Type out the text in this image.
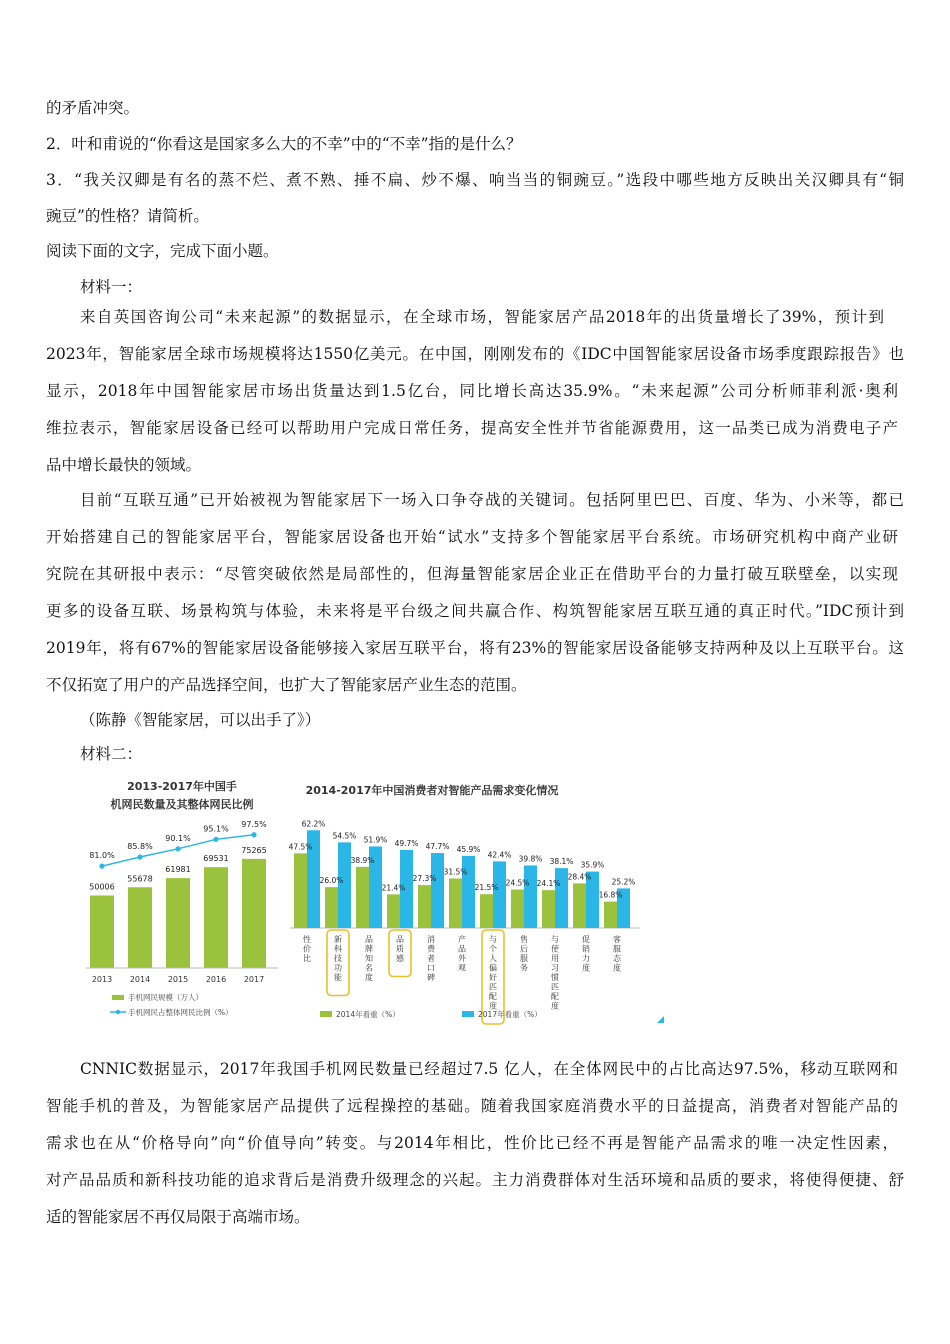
的矛盾冲突。
2．叶和甫说的“你看这是国家多么大的不幸”中的“不幸”指的是什么？
3．“我关汉卿是有名的蒸不烂、煮不熟、捶不扁、炒不爆、响当当的铜豌豆。”选段中哪些地方反映出关汉卿具有“铜
豌豆”的性格？请简析。
阅读下面的文字，完成下面小题。
材料一：
来自英国咨询公司“未来起源”的数据显示，在全球市场，智能家居产品2018年的出货量增长了39%，预计到
2023年，智能家居全球市场规模将达1550亿美元。在中国，刚刚发布的《IDC中国智能家居设备市场季度跟踪报告》也
显示，2018年中国智能家居市场出货量达到1.5亿台，同比增长高达35.9%。“未来起源”公司分析师菲利派·奥利
维拉表示，智能家居设备已经可以帮助用户完成日常任务，提高安全性并节省能源费用，这一品类已成为消费电子产
品中增长最快的领域。
目前“互联互通”已开始被视为智能家居下一场入口争夺战的关键词。包括阿里巴巴、百度、华为、小米等，都已
开始搭建自己的智能家居平台，智能家居设备也开始“试水”支持多个智能家居平台系统。市场研究机构中商产业研
究院在其研报中表示：“尽管突破依然是局部性的，但海量智能家居企业正在借助平台的力量打破互联壁垒，以实现
更多的设备互联、场景构筑与体验，未来将是平台级之间共赢合作、构筑智能家居互联互通的真正时代。”IDC预计到
2019年，将有67%的智能家居设备能够接入家居互联平台，将有23%的智能家居设备能够支持两种及以上互联平台。这
不仅拓宽了用户的产品选择空间，也扩大了智能家居产业生态的范围。
（陈静《智能家居，可以出手了》）
材料二：
2013-2017年中国手
机网民数量及其整体网民比例
50006
2013
55678
2014
61981
2015
69531
2016
75265
2017
81.0%
85.8%
90.1%
95.1%
97.5%
手机网民规模（万人）
手机网民占整体网民比例（%）
2014-2017年中国消费者对智能产品需求变化情况
47.5%
62.2%
性价比
26.0%
54.5%
新科技功能
38.9%
51.9%
品牌知名度
21.4%
49.7%
品质感
27.3%
47.7%
消费者口碑
31.5%
45.9%
产品外观
21.5%
42.4%
与个人偏好匹配度
24.5%
39.8%
售后服务
24.1%
38.1%
与使用习惯匹配度
28.4%
35.9%
促销力度
16.8%
25.2%
客服态度
2014年看重（%）	2017年看重（%）
CNNIC数据显示，2017年我国手机网民数量已经超过7.5 亿人，在全体网民中的占比高达97.5%，移动互联网和
智能手机的普及，为智能家居产品提供了远程操控的基础。随着我国家庭消费水平的日益提高，消费者对智能产品的
需求也在从“价格导向”向“价值导向”转变。与2014年相比，性价比已经不再是智能产品需求的唯一决定性因素，
对产品品质和新科技功能的追求背后是消费升级理念的兴起。主力消费群体对生活环境和品质的要求，将使得便捷、舒
适的智能家居不再仅局限于高端市场。
